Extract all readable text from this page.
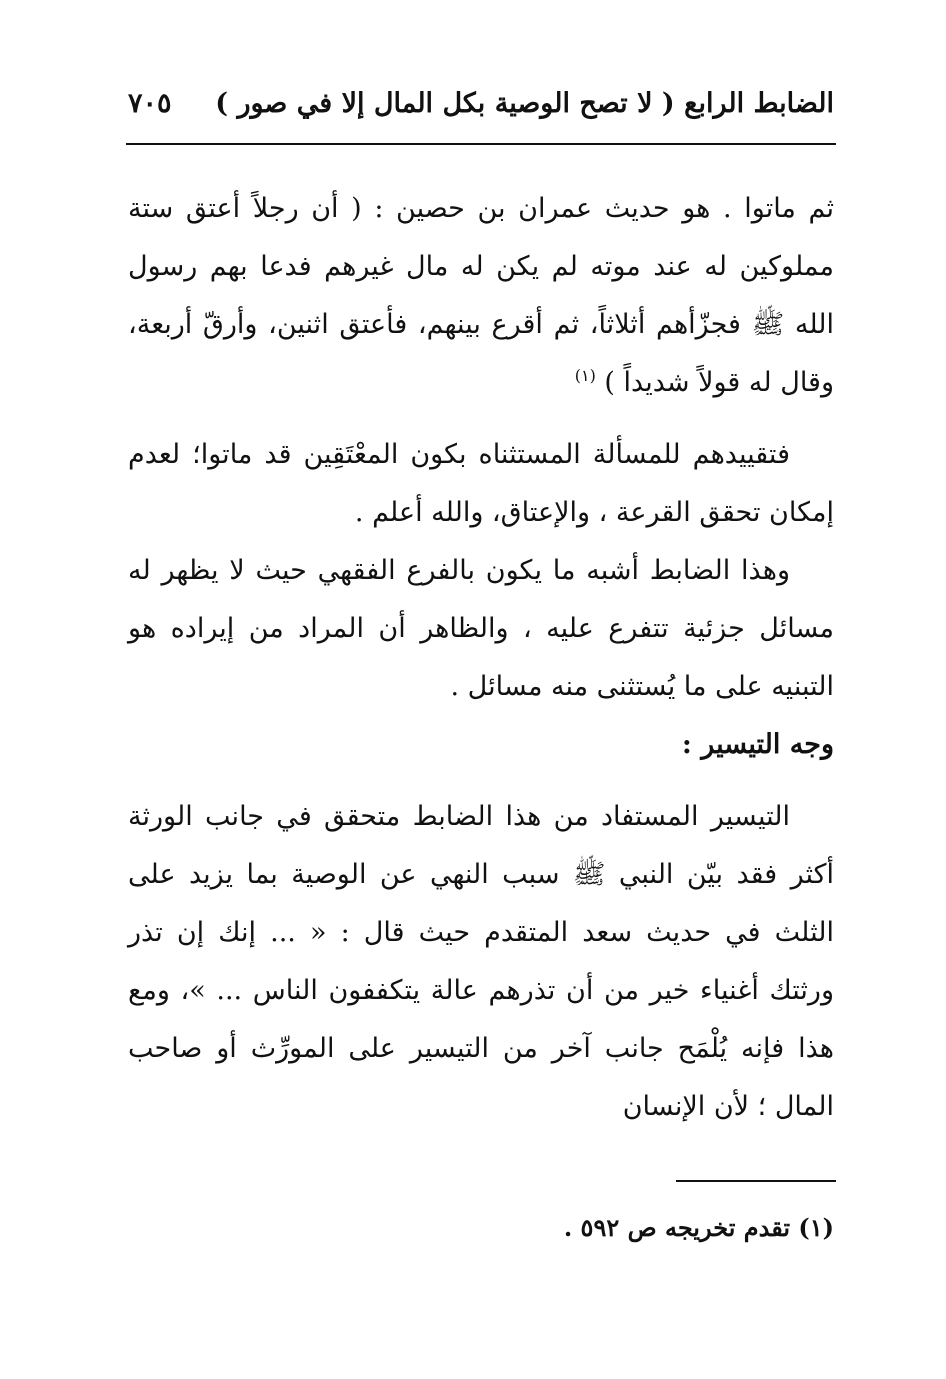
الضابط الرابع ( لا تصح الوصية بكل المال إلا في صور )
٧٠٥

ثم ماتوا . هو حديث عمران بن حصين : ( أن رجلاً أعتق ستة مملوكين له عند موته لم يكن له مال غيرهم فدعا بهم رسول الله ﷺ فجزّأهم أثلاثاً، ثم أقرع بينهم، فأعتق اثنين، وأرقّ أربعة، وقال له قولاً شديداً ) $^{(١)}$

فتقييدهم للمسألة المستثناه بكون المعْتَقِين قد ماتوا؛ لعدم إمكان تحقق القرعة ، والإعتاق، والله أعلم .

وهذا الضابط أشبه ما يكون بالفرع الفقهي حيث لا يظهر له مسائل جزئية تتفرع عليه ، والظاهر أن المراد من إيراده هو التبنيه على ما يُستثنى منه مسائل .

وجه التيسير :

التيسير المستفاد من هذا الضابط متحقق في جانب الورثة أكثر فقد بيّن النبي ﷺ سبب النهي عن الوصية بما يزيد على الثلث في حديث سعد المتقدم حيث قال : « ... إنك إن تذر ورثتك أغنياء خير من أن تذرهم عالة يتكففون الناس ... »، ومع هذا فإنه يُلْمَح جانب آخر من التيسير على المورِّث أو صاحب المال ؛ لأن الإنسان

(١) تقدم تخريجه ص ٥٩٢ .
